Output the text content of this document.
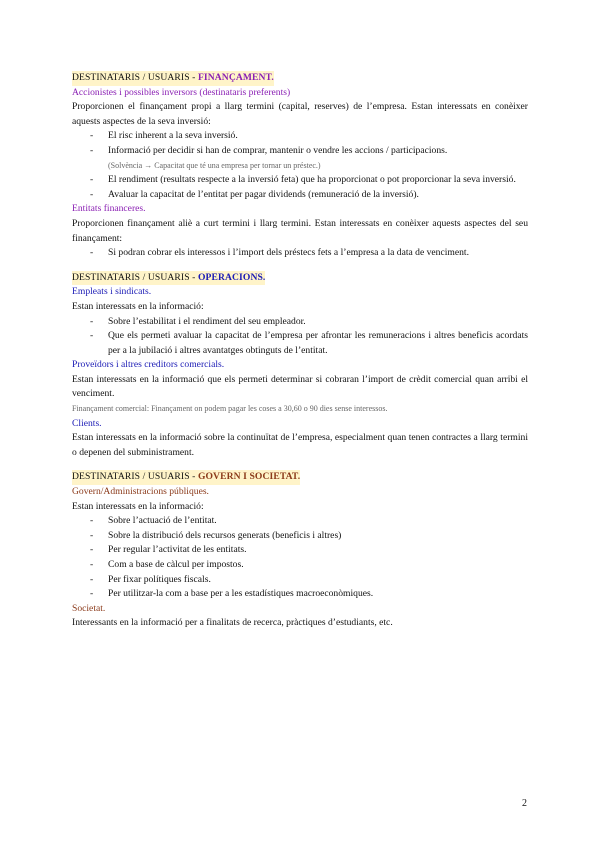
DESTINATARIS / USUARIS - FINANÇAMENT.
Accionistes i possibles inversors (destinataris preferents)

Proporcionen el finançament propi a llarg termini (capital, reserves) de l’empresa. Estan interessats en conèixer aquests aspectes de la seva inversió:

- El risc inherent a la seva inversió.
- Informació per decidir si han de comprar, mantenir o vendre les accions / participacions.
(Solvència → Capacitat que té una empresa per tornar un préstec.)
- El rendiment (resultats respecte a la inversió feta) que ha proporcionat o pot proporcionar la seva inversió.
- Avaluar la capacitat de l’entitat per pagar dividends (remuneració de la inversió).
Entitats financeres.

Proporcionen finançament aliè a curt termini i llarg termini. Estan interessats en conèixer aquests aspectes del seu finançament:

- Si podran cobrar els interessos i l’import dels préstecs fets a l’empresa a la data de venciment.
DESTINATARIS / USUARIS - OPERACIONS.
Empleats i sindicats.

Estan interessats en la informació:

- Sobre l’estabilitat i el rendiment del seu empleador.
- Que els permeti avaluar la capacitat de l’empresa per afrontar les remuneracions i altres beneficis acordats per a la jubilació i altres avantatges obtinguts de l’entitat.
Proveïdors i altres creditors comercials.

Estan interessats en la informació que els permeti determinar si cobraran l’import de crèdit comercial quan arribi el venciment.

Finançament comercial: Finançament on podem pagar les coses a 30,60 o 90 dies sense interessos.
Clients.

Estan interessats en la informació sobre la continuïtat de l’empresa, especialment quan tenen contractes a llarg termini o depenen del subministrament.

DESTINATARIS / USUARIS - GOVERN I SOCIETAT.
Govern/Administracions públiques.

Estan interessats en la informació:

- Sobre l’actuació de l’entitat.
- Sobre la distribució dels recursos generats (beneficis i altres)
- Per regular l’activitat de les entitats.
- Com a base de càlcul per impostos.
- Per fixar polítiques fiscals.
- Per utilitzar-la com a base per a les estadístiques macroeconòmiques.
Societat.

Interessants en la informació per a finalitats de recerca, pràctiques d’estudiants, etc.

2
